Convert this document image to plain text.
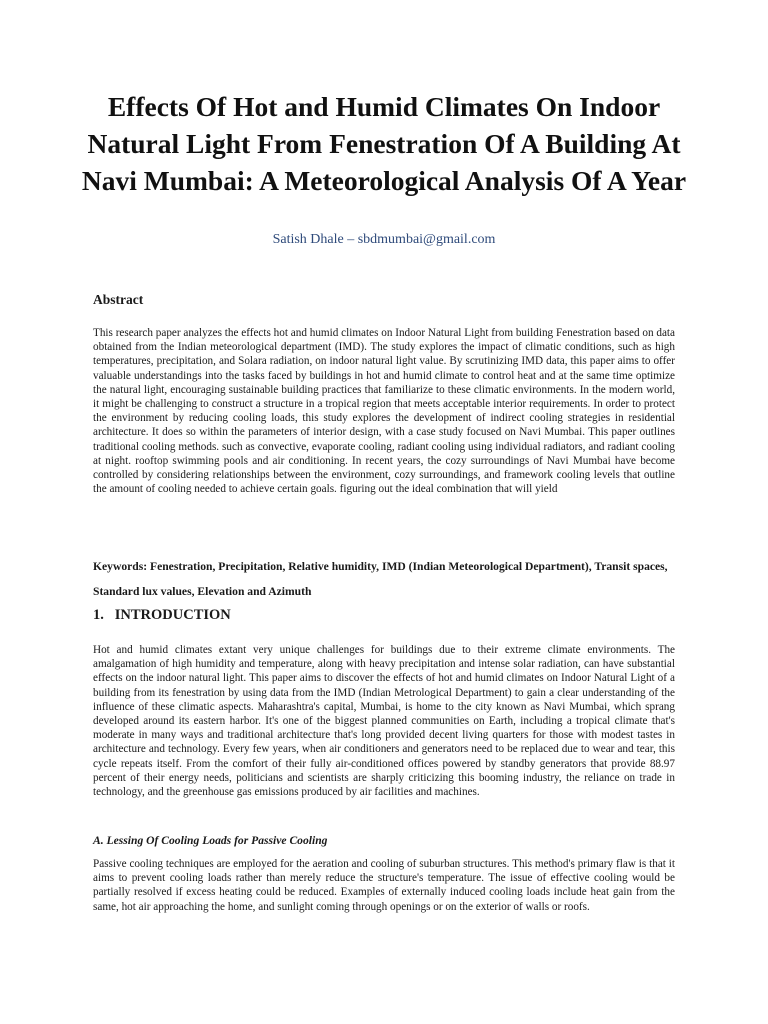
Effects Of Hot and Humid Climates On Indoor Natural Light From Fenestration Of A Building At Navi Mumbai: A Meteorological Analysis Of A Year
Satish Dhale – sbdmumbai@gmail.com
Abstract

This research paper analyzes the effects hot and humid climates on Indoor Natural Light from building Fenestration based on data obtained from the Indian meteorological department (IMD). The study explores the impact of climatic conditions, such as high temperatures, precipitation, and Solara radiation, on indoor natural light value. By scrutinizing IMD data, this paper aims to offer valuable understandings into the tasks faced by buildings in hot and humid climate to control heat and at the same time optimize the natural light, encouraging sustainable building practices that familiarize to these climatic environments. In the modern world, it might be challenging to construct a structure in a tropical region that meets acceptable interior requirements. In order to protect the environment by reducing cooling loads, this study explores the development of indirect cooling strategies in residential architecture. It does so within the parameters of interior design, with a case study focused on Navi Mumbai. This paper outlines traditional cooling methods. such as convective, evaporate cooling, radiant cooling using individual radiators, and radiant cooling at night. rooftop swimming pools and air conditioning. In recent years, the cozy surroundings of Navi Mumbai have become controlled by considering relationships between the environment, cozy surroundings, and framework cooling levels that outline the amount of cooling needed to achieve certain goals. figuring out the ideal combination that will yield

Keywords: Fenestration, Precipitation, Relative humidity, IMD (Indian Meteorological Department), Transit spaces, Standard lux values, Elevation and Azimuth

1.   INTRODUCTION

Hot and humid climates extant very unique challenges for buildings due to their extreme climate environments. The amalgamation of high humidity and temperature, along with heavy precipitation and intense solar radiation, can have substantial effects on the indoor natural light. This paper aims to discover the effects of hot and humid climates on Indoor Natural Light of a building from its fenestration by using data from the IMD (Indian Metrological Department) to gain a clear understanding of the influence of these climatic aspects. Maharashtra's capital, Mumbai, is home to the city known as Navi Mumbai, which sprang developed around its eastern harbor. It's one of the biggest planned communities on Earth, including a tropical climate that's moderate in many ways and traditional architecture that's long provided decent living quarters for those with modest tastes in architecture and technology. Every few years, when air conditioners and generators need to be replaced due to wear and tear, this cycle repeats itself. From the comfort of their fully air-conditioned offices powered by standby generators that provide 88.97 percent of their energy needs, politicians and scientists are sharply criticizing this booming industry, the reliance on trade in technology, and the greenhouse gas emissions produced by air facilities and machines.

A. Lessing Of Cooling Loads for Passive Cooling

Passive cooling techniques are employed for the aeration and cooling of suburban structures. This method's primary flaw is that it aims to prevent cooling loads rather than merely reduce the structure's temperature. The issue of effective cooling would be partially resolved if excess heating could be reduced. Examples of externally induced cooling loads include heat gain from the same, hot air approaching the home, and sunlight coming through openings or on the exterior of walls or roofs.
